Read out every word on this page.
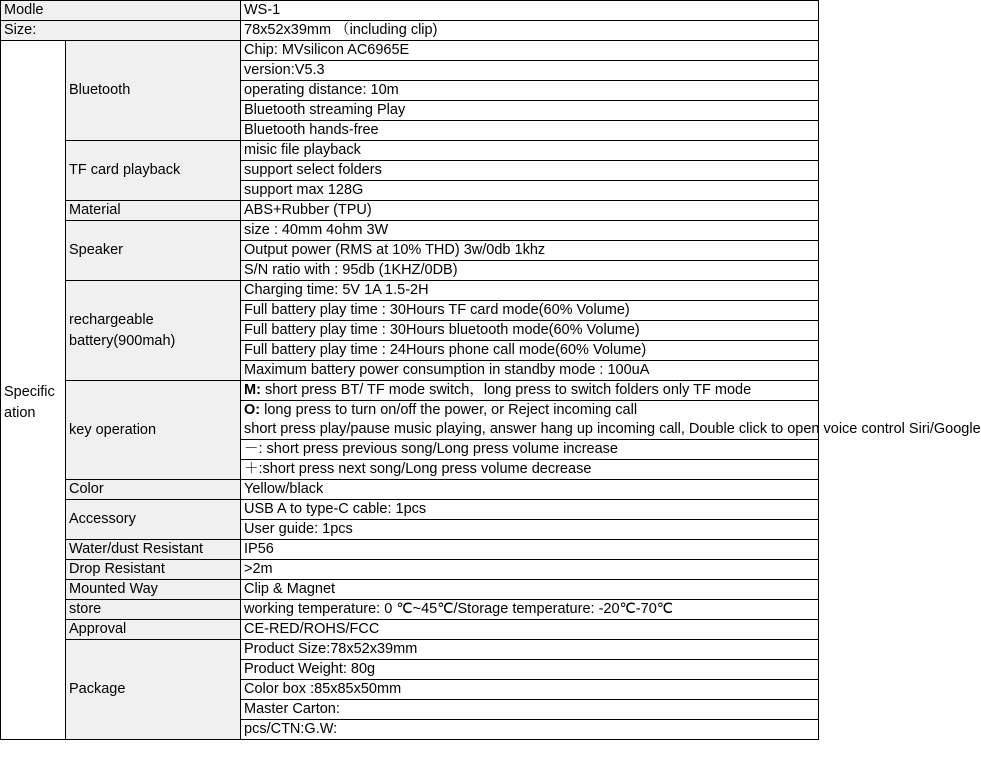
Modle		WS-1
Size:		78x52x39mm （including clip)
Specific
ation	Bluetooth	Chip: MVsilicon AC6965E
		version:V5.3
		operating distance: 10m
		Bluetooth streaming Play
		Bluetooth hands-free
	TF card playback	misic file playback
		support select folders
		support max 128G
	Material	ABS+Rubber (TPU)
	Speaker	size : 40mm 4ohm 3W
		Output power (RMS at 10% THD) 3w/0db 1khz
		S/N ratio with : 95db (1KHZ/0DB)
	rechargeable
battery(900mah)	Charging time: 5V 1A 1.5-2H
		Full battery play time : 30Hours TF card mode(60% Volume)
		Full battery play time : 30Hours bluetooth mode(60% Volume)
		Full battery play time : 24Hours phone call mode(60% Volume)
		Maximum battery power consumption in standby mode : 100uA
	key operation	M: short press BT/ TF mode switch，long press to switch folders only TF mode
		O: long press to turn on/off the power, or Reject incoming call
		short press play/pause music playing, answer hang up incoming call, Double click to open voice control Siri/Google
		－: short press previous song/Long press volume increase
		＋:short press next song/Long press volume decrease
	Color	Yellow/black
	Accessory	USB A to type-C cable: 1pcs
		User guide: 1pcs
	Water/dust Resistant	IP56
	Drop Resistant	>2m
	Mounted Way	Clip & Magnet
	store	working temperature: 0 ℃~45℃/Storage temperature: -20℃-70℃
	Approval	CE-RED/ROHS/FCC
	Package	Product Size:78x52x39mm
		Product Weight: 80g
		Color box :85x85x50mm
		Master Carton:
		pcs/CTN:G.W:
